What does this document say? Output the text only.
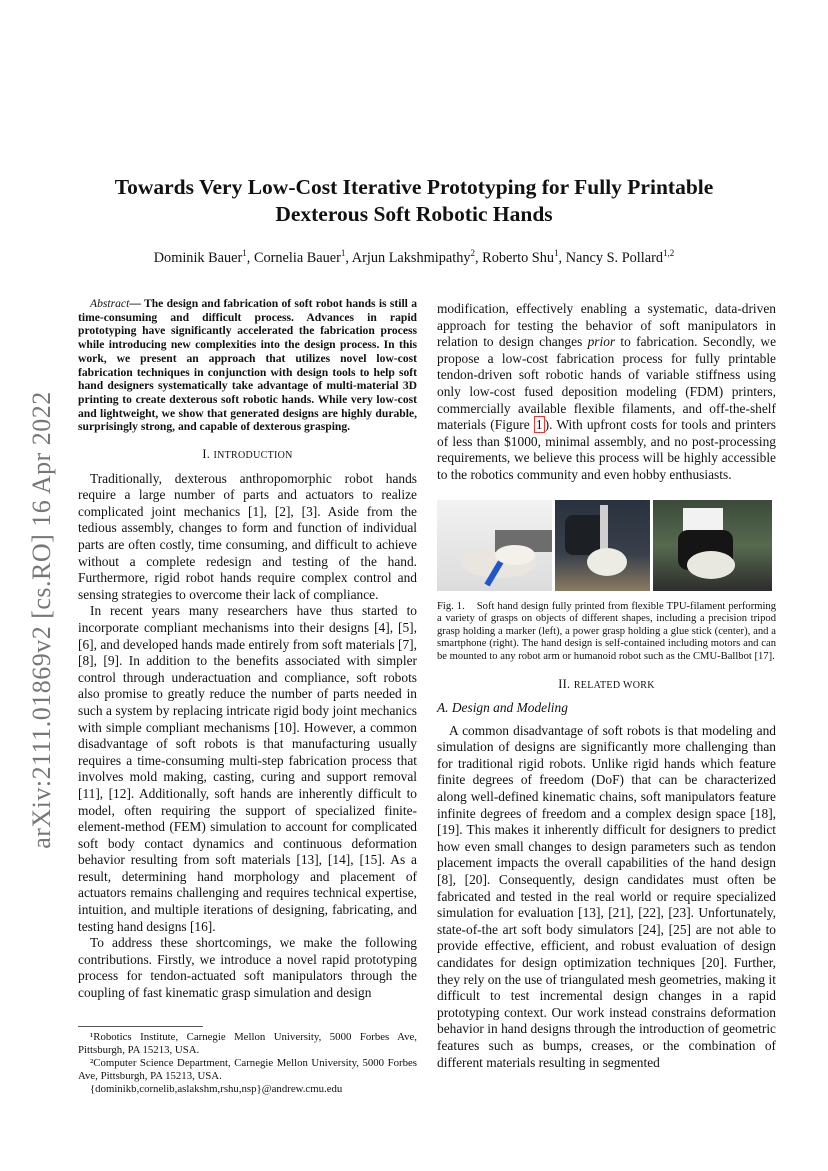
arXiv:2111.01869v2 [cs.RO] 16 Apr 2022
Towards Very Low-Cost Iterative Prototyping for Fully Printable
Dexterous Soft Robotic Hands
Dominik Bauer$^1$, Cornelia Bauer$^1$, Arjun Lakshmipathy$^2$, Roberto Shu$^1$, Nancy S. Pollard$^{1,2}$

Abstract— The design and fabrication of soft robot hands is still a time-consuming and difficult process. Advances in rapid prototyping have significantly accelerated the fabrication process while introducing new complexities into the design process. In this work, we present an approach that utilizes novel low-cost fabrication techniques in conjunction with design tools to help soft hand designers systematically take advantage of multi-material 3D printing to create dexterous soft robotic hands. While very low-cost and lightweight, we show that generated designs are highly durable, surprisingly strong, and capable of dexterous grasping.

I. INTRODUCTION

Traditionally, dexterous anthropomorphic robot hands require a large number of parts and actuators to realize complicated joint mechanics [1], [2], [3]. Aside from the tedious assembly, changes to form and function of individual parts are often costly, time consuming, and difficult to achieve without a complete redesign and testing of the hand. Furthermore, rigid robot hands require complex control and sensing strategies to overcome their lack of compliance.

In recent years many researchers have thus started to incorporate compliant mechanisms into their designs [4], [5], [6], and developed hands made entirely from soft materials [7], [8], [9]. In addition to the benefits associated with simpler control through underactuation and compliance, soft robots also promise to greatly reduce the number of parts needed in such a system by replacing intricate rigid body joint mechanics with simple compliant mechanisms [10]. However, a common disadvantage of soft robots is that manufacturing usually requires a time-consuming multi-step fabrication process that involves mold making, casting, curing and support removal [11], [12]. Additionally, soft hands are inherently difficult to model, often requiring the support of specialized finite-element-method (FEM) simulation to account for complicated soft body contact dynamics and continuous deformation behavior resulting from soft materials [13], [14], [15]. As a result, determining hand morphology and placement of actuators remains challenging and requires technical expertise, intuition, and multiple iterations of designing, fabricating, and testing hand designs [16].

To address these shortcomings, we make the following contributions. Firstly, we introduce a novel rapid prototyping process for tendon-actuated soft manipulators through the coupling of fast kinematic grasp simulation and design

¹Robotics Institute, Carnegie Mellon University, 5000 Forbes Ave, Pittsburgh, PA 15213, USA.

²Computer Science Department, Carnegie Mellon University, 5000 Forbes Ave, Pittsburgh, PA 15213, USA.

{dominikb,cornelib,aslakshm,rshu,nsp}@andrew.cmu.edu

modification, effectively enabling a systematic, data-driven approach for testing the behavior of soft manipulators in relation to design changes prior to fabrication. Secondly, we propose a low-cost fabrication process for fully printable tendon-driven soft robotic hands of variable stiffness using only low-cost fused deposition modeling (FDM) printers, commercially available flexible filaments, and off-the-shelf materials (Figure 1 ). With upfront costs for tools and printers of less than $1000, minimal assembly, and no post-processing requirements, we believe this process will be highly accessible to the robotics community and even hobby enthusiasts.

Fig. 1. Soft hand design fully printed from flexible TPU-filament performing a variety of grasps on objects of different shapes, including a precision tripod grasp holding a marker (left), a power grasp holding a glue stick (center), and a smartphone (right). The hand design is self-contained including motors and can be mounted to any robot arm or humanoid robot such as the CMU-Ballbot [17].

II. RELATED WORK
A. Design and Modeling

A common disadvantage of soft robots is that modeling and simulation of designs are significantly more challenging than for traditional rigid robots. Unlike rigid hands which feature finite degrees of freedom (DoF) that can be characterized along well-defined kinematic chains, soft manipulators feature infinite degrees of freedom and a complex design space [18], [19]. This makes it inherently difficult for designers to predict how even small changes to design parameters such as tendon placement impacts the overall capabilities of the hand design [8], [20]. Consequently, design candidates must often be fabricated and tested in the real world or require specialized simulation for evaluation [13], [21], [22], [23]. Unfortunately, state-of-the art soft body simulators [24], [25] are not able to provide effective, efficient, and robust evaluation of design candidates for design optimization techniques [20]. Further, they rely on the use of triangulated mesh geometries, making it difficult to test incremental design changes in a rapid prototyping context. Our work instead constrains deformation behavior in hand designs through the introduction of geometric features such as bumps, creases, or the combination of different materials resulting in segmented
